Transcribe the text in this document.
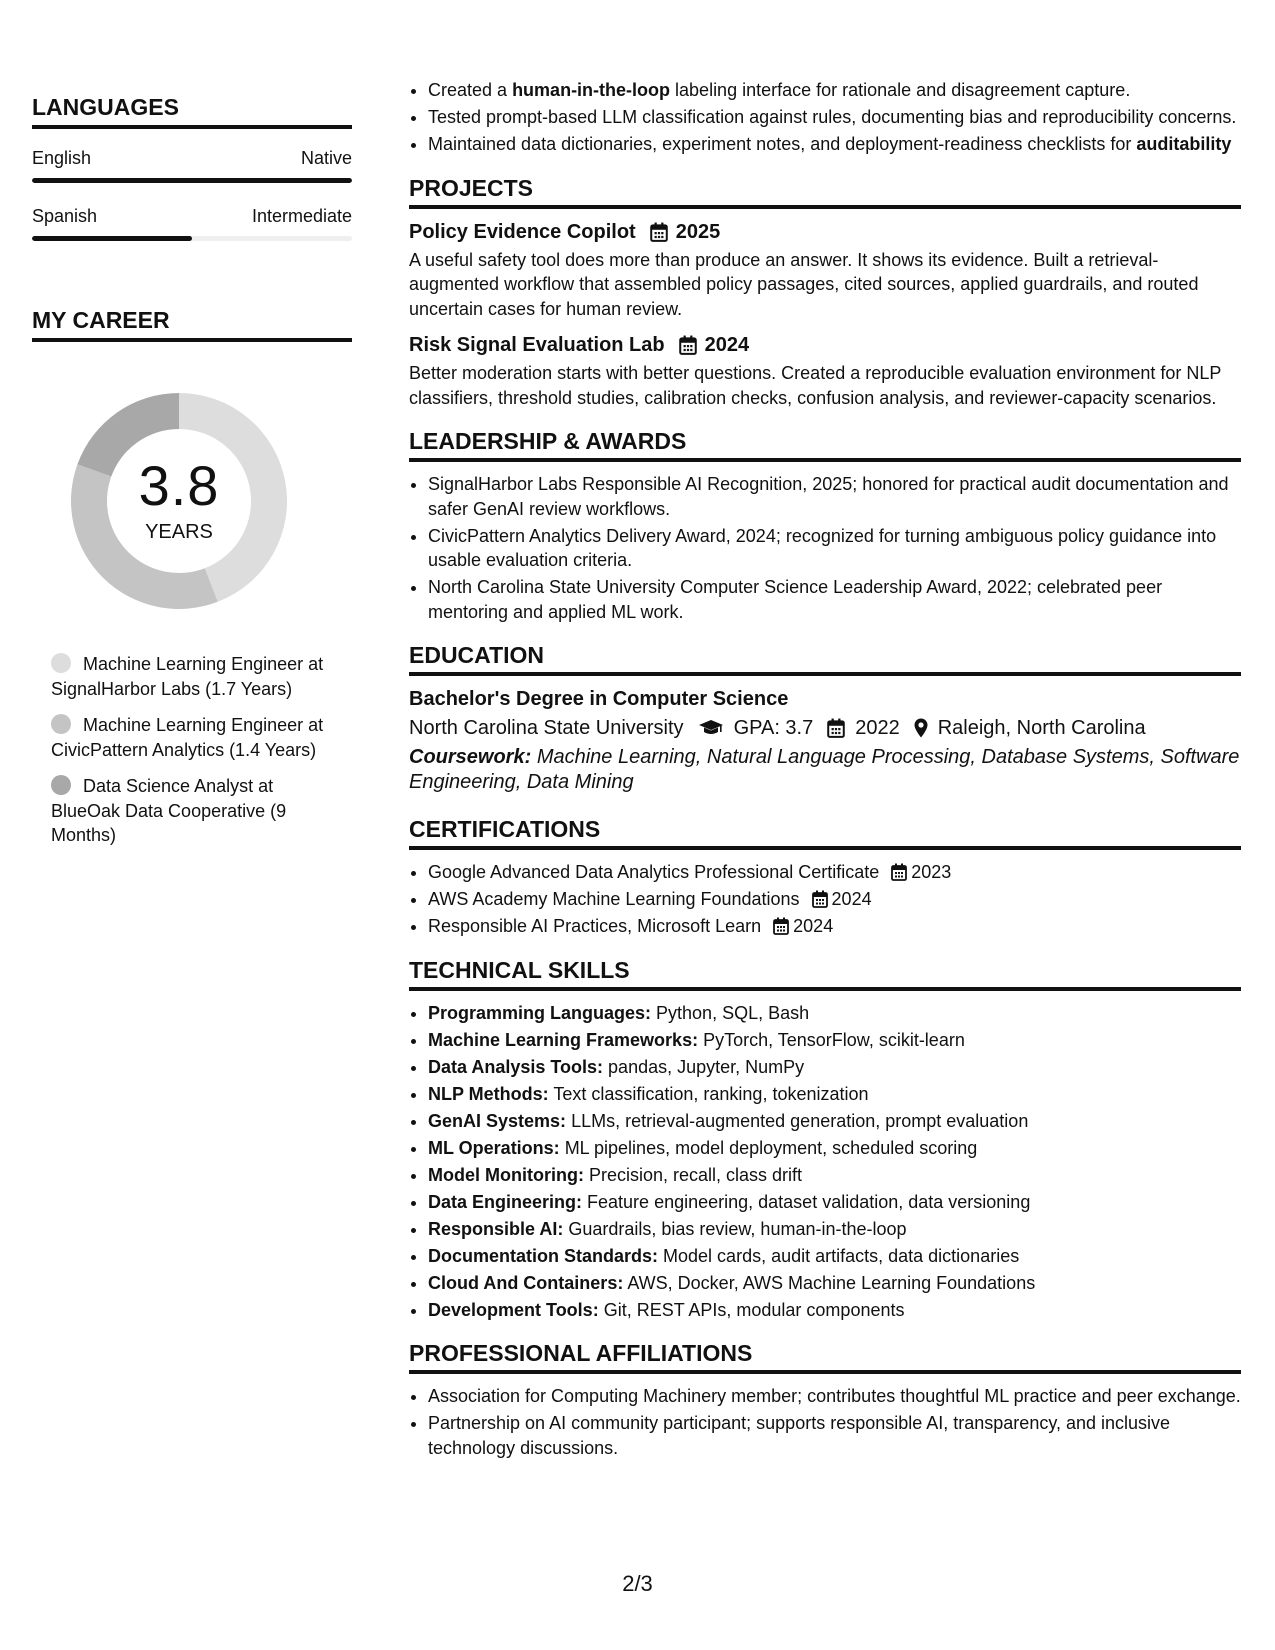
LANGUAGES
English	Native
Spanish	Intermediate
MY CAREER
3.8
YEARS
Machine Learning Engineer at SignalHarbor Labs (1.7 Years)
Machine Learning Engineer at CivicPattern Analytics (1.4 Years)
Data Science Analyst at BlueOak Data Cooperative (9 Months)
• Created a human-in-the-loop labeling interface for rationale and disagreement capture.
• Tested prompt-based LLM classification against rules, documenting bias and reproducibility concerns.
• Maintained data dictionaries, experiment notes, and deployment-readiness checklists for auditability
PROJECTS
Policy Evidence Copilot 2025
A useful safety tool does more than produce an answer. It shows its evidence. Built a retrieval-augmented workflow that assembled policy passages, cited sources, applied guardrails, and routed uncertain cases for human review.
Risk Signal Evaluation Lab 2024
Better moderation starts with better questions. Created a reproducible evaluation environment for NLP classifiers, threshold studies, calibration checks, confusion analysis, and reviewer-capacity scenarios.
LEADERSHIP & AWARDS
• SignalHarbor Labs Responsible AI Recognition, 2025; honored for practical audit documentation and safer GenAI review workflows.
• CivicPattern Analytics Delivery Award, 2024; recognized for turning ambiguous policy guidance into usable evaluation criteria.
• North Carolina State University Computer Science Leadership Award, 2022; celebrated peer mentoring and applied ML work.
EDUCATION
Bachelor's Degree in Computer Science
North Carolina State University	GPA: 3.7 2022 Raleigh, North Carolina
Coursework: Machine Learning, Natural Language Processing, Database Systems, Software Engineering, Data Mining
CERTIFICATIONS
• Google Advanced Data Analytics Professional Certificate 2023
• AWS Academy Machine Learning Foundations 2024
• Responsible AI Practices, Microsoft Learn 2024
TECHNICAL SKILLS
• Programming Languages: Python, SQL, Bash
• Machine Learning Frameworks: PyTorch, TensorFlow, scikit-learn
• Data Analysis Tools: pandas, Jupyter, NumPy
• NLP Methods: Text classification, ranking, tokenization
• GenAI Systems: LLMs, retrieval-augmented generation, prompt evaluation
• ML Operations: ML pipelines, model deployment, scheduled scoring
• Model Monitoring: Precision, recall, class drift
• Data Engineering: Feature engineering, dataset validation, data versioning
• Responsible AI: Guardrails, bias review, human-in-the-loop
• Documentation Standards: Model cards, audit artifacts, data dictionaries
• Cloud And Containers: AWS, Docker, AWS Machine Learning Foundations
• Development Tools: Git, REST APIs, modular components
PROFESSIONAL AFFILIATIONS
• Association for Computing Machinery member; contributes thoughtful ML practice and peer exchange.
• Partnership on AI community participant; supports responsible AI, transparency, and inclusive technology discussions.
2/3
